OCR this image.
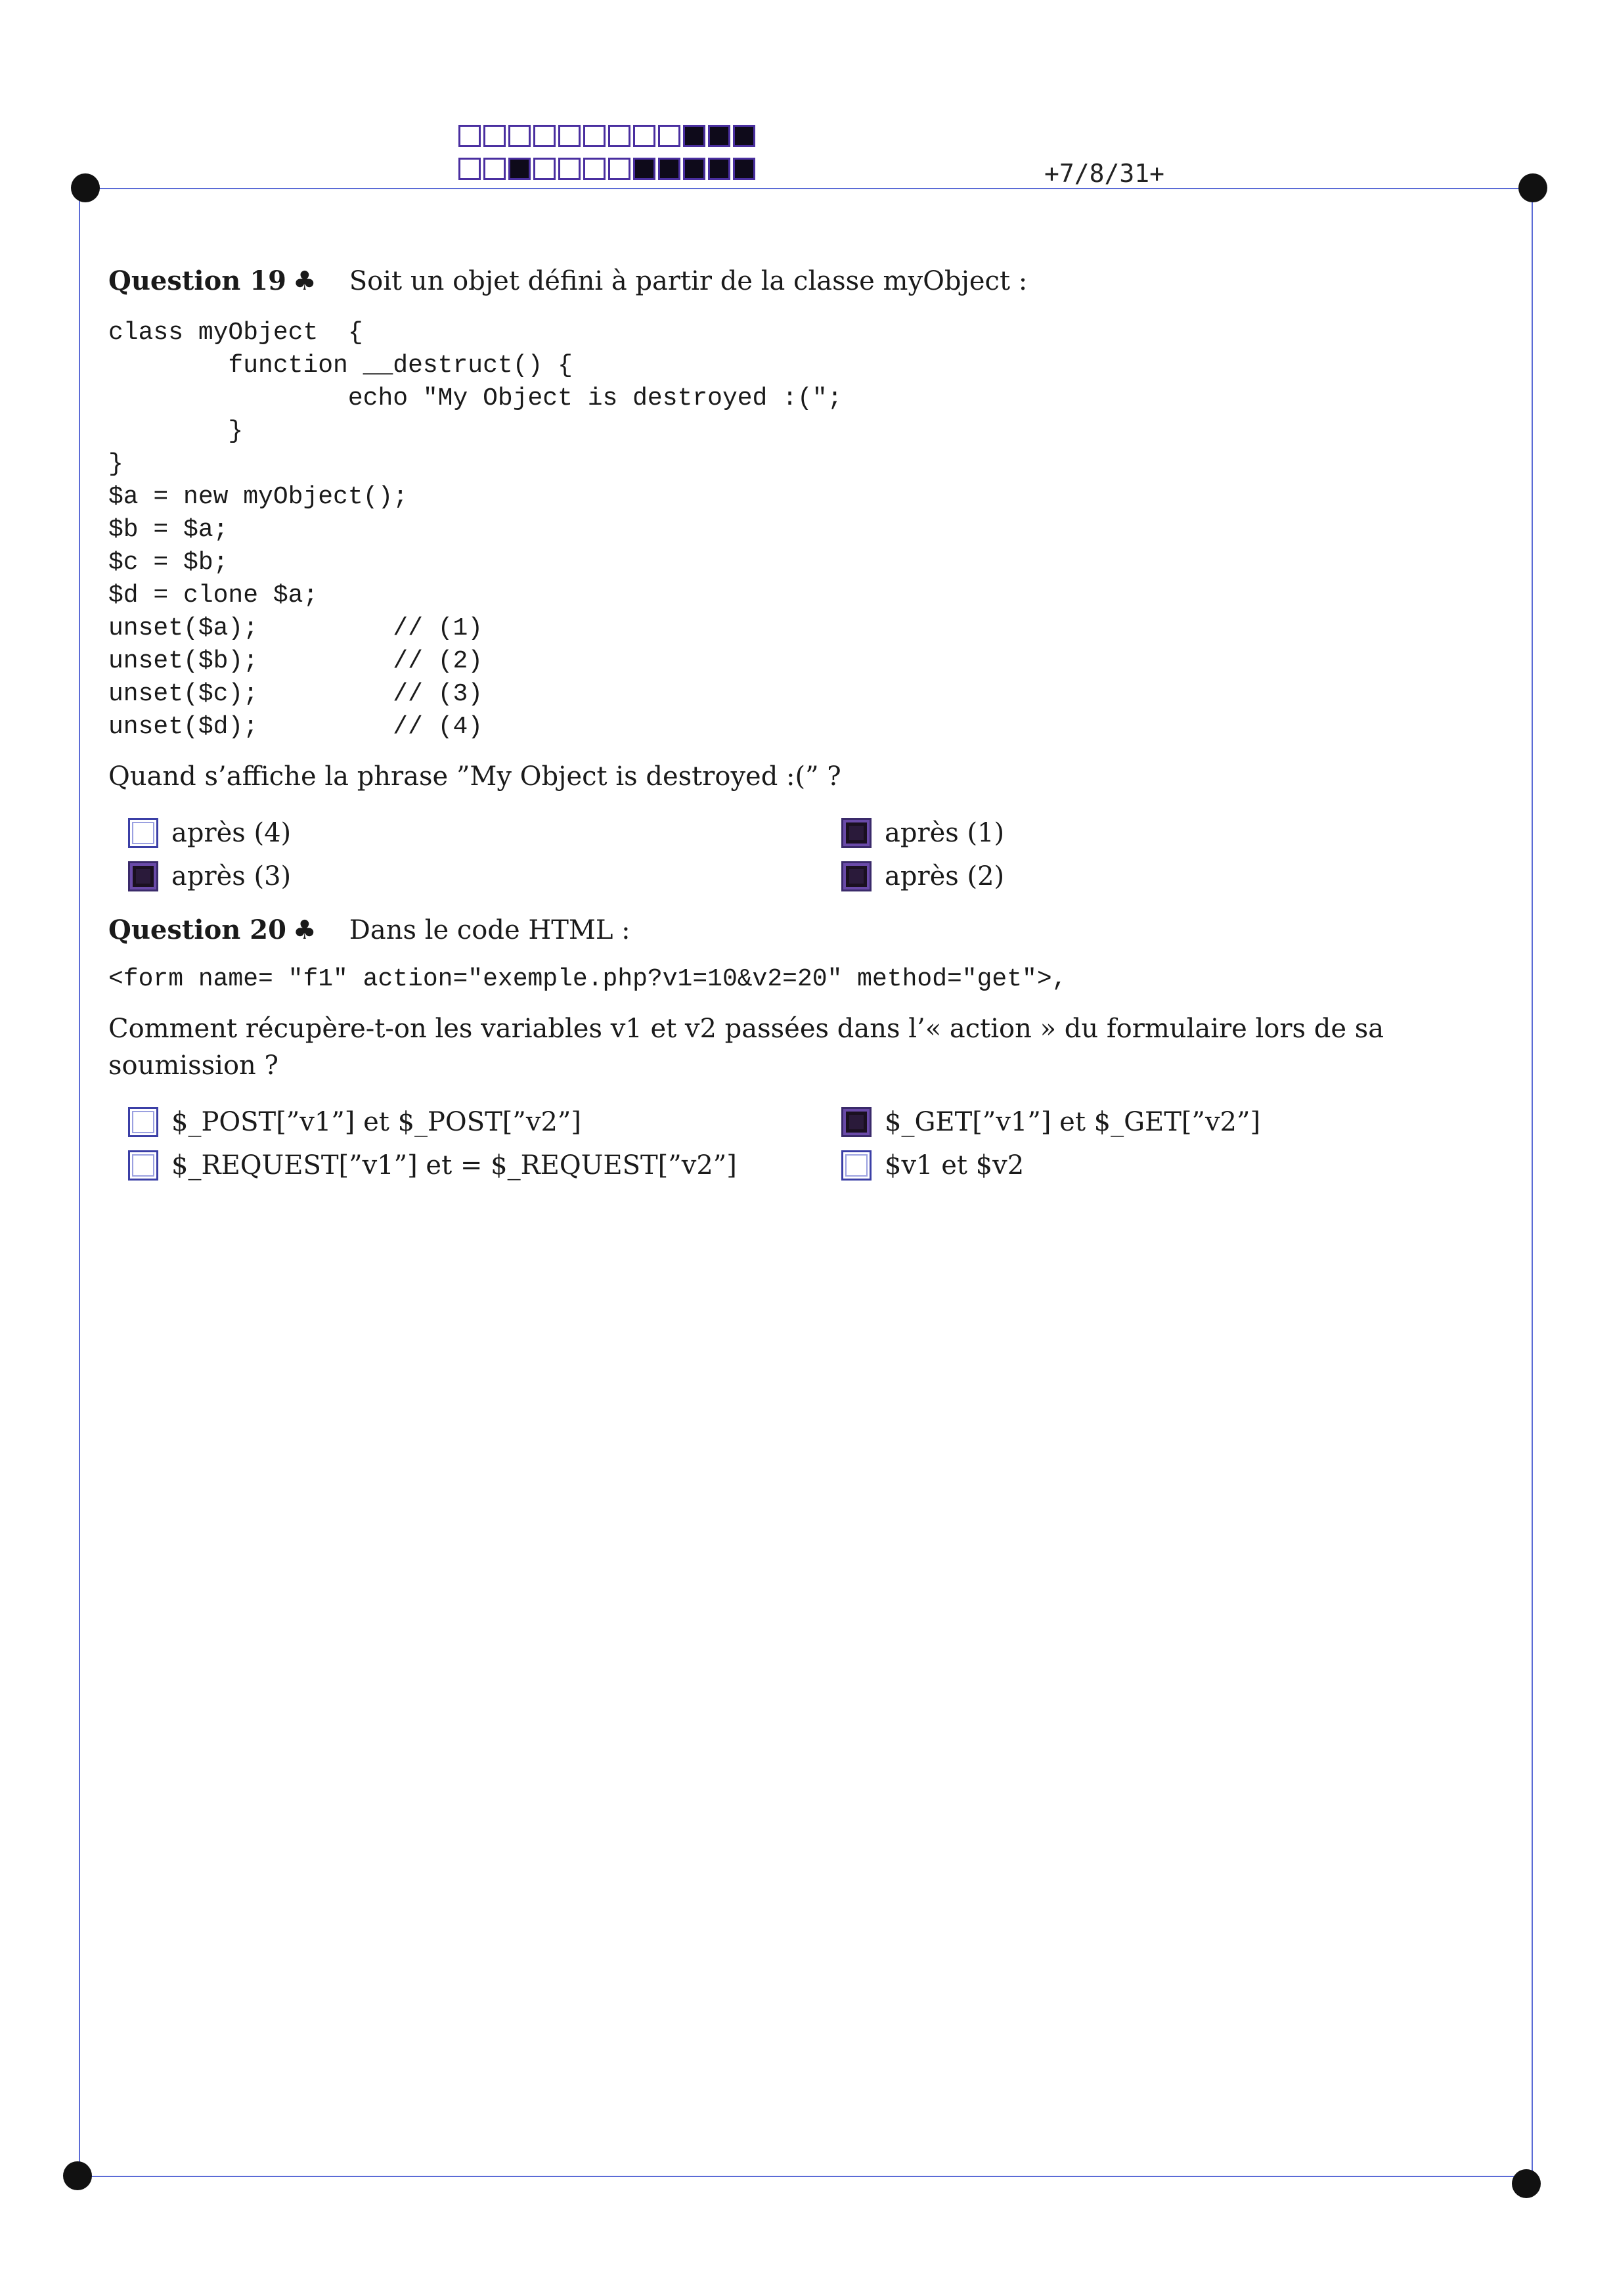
+7/8/31+
Question 19 ♣ Soit un objet défini à partir de la classe myObject :
class myObject  {
function __destruct() {
echo "My Object is destroyed :(";
}
}
$a = new myObject();
$b = $a;
$c = $b;
$d = clone $a;
unset($a);         // (1)
unset($b);         // (2)
unset($c);         // (3)
unset($d);         // (4)
Quand s’affiche la phrase ”My Object is destroyed :(” ?
après (4)	après (1)
après (3)	après (2)
Question 20 ♣ Dans le code HTML :
<form name= "f1" action="exemple.php?v1=10&v2=20" method="get">,
Comment récupère-t-on les variables v1 et v2 passées dans l’« action » du formulaire lors de sa soumission ?
$_POST[”v1”] et $_POST[”v2”]	$_GET[”v1”] et $_GET[”v2”]
$_REQUEST[”v1”] et = $_REQUEST[”v2”]	$v1 et $v2
